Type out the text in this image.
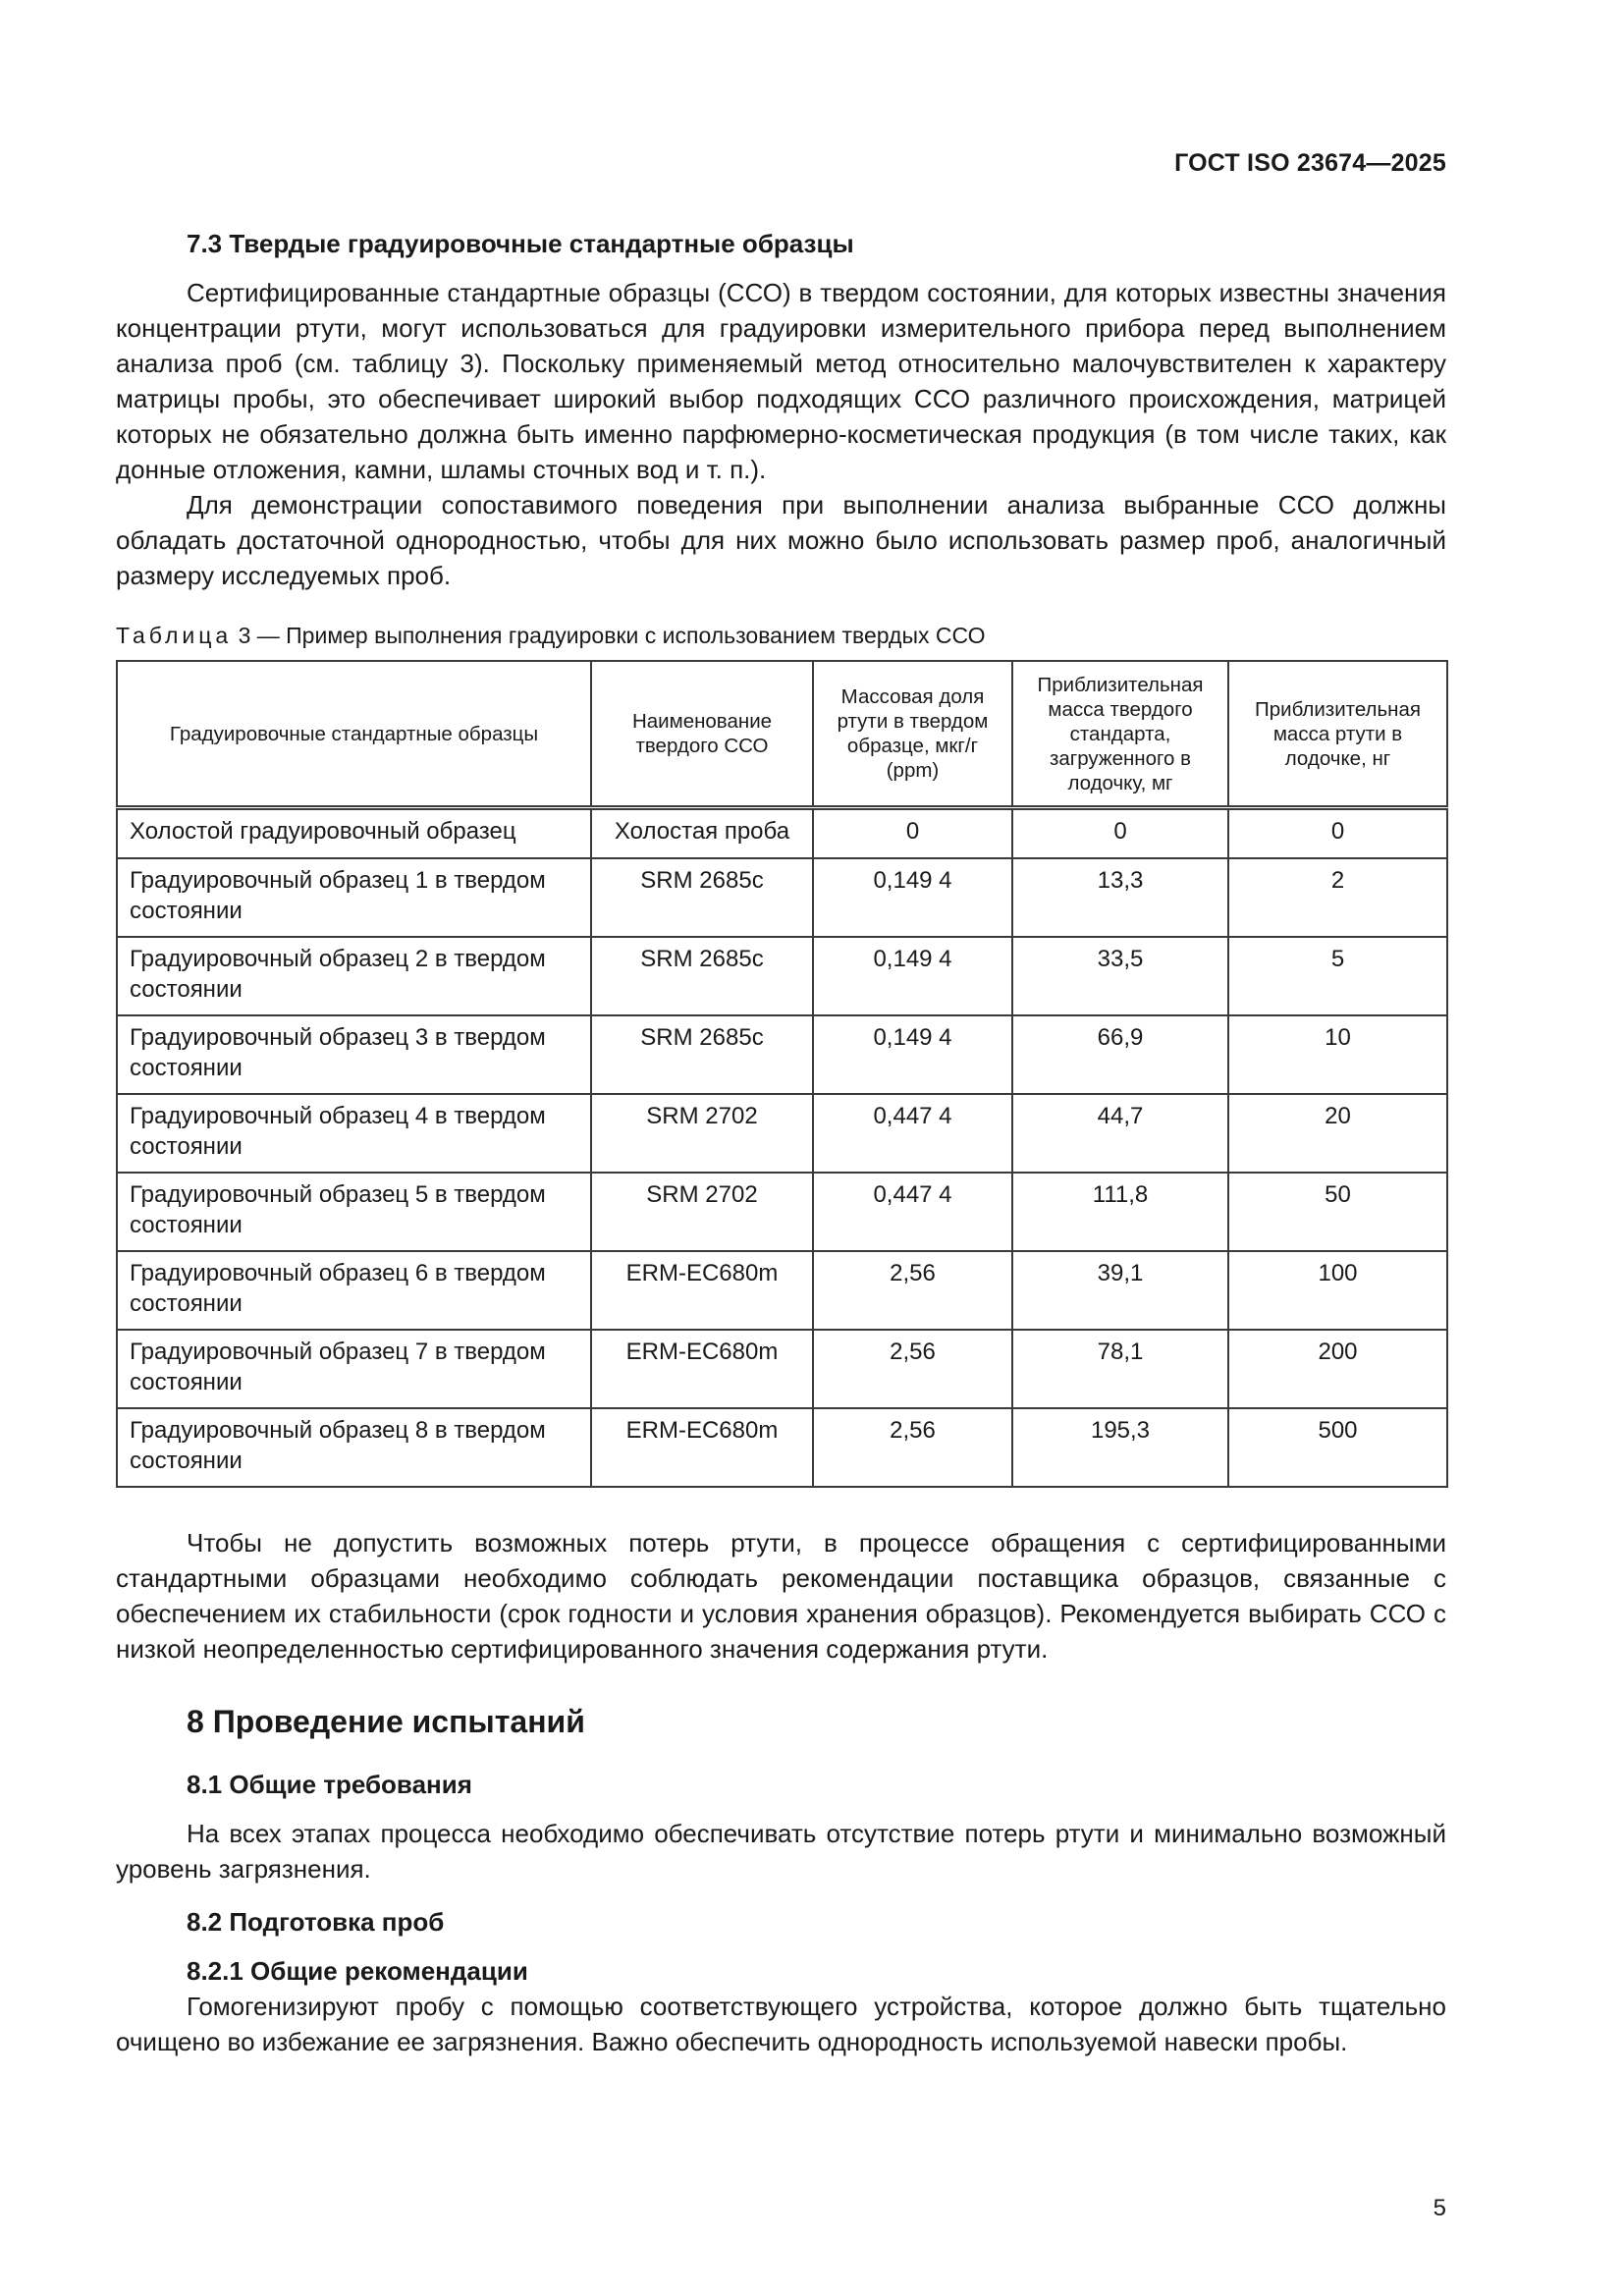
ГОСТ ISO 23674—2025
7.3 Твердые градуировочные стандартные образцы

Сертифицированные стандартные образцы (ССО) в твердом состоянии, для которых известны значения концентрации ртути, могут использоваться для градуировки измерительного прибора перед выполнением анализа проб (см. таблицу 3). Поскольку применяемый метод относительно малочувствителен к характеру матрицы пробы, это обеспечивает широкий выбор подходящих ССО различного происхождения, матрицей которых не обязательно должна быть именно парфюмерно-косметическая продукция (в том числе таких, как донные отложения, камни, шламы сточных вод и т. п.).

Для демонстрации сопоставимого поведения при выполнении анализа выбранные ССО должны обладать достаточной однородностью, чтобы для них можно было использовать размер проб, аналогичный размеру исследуемых проб.

Таблица 3 — Пример выполнения градуировки с использованием твердых ССО
Градуировочные стандартные образцы	Наименование твердого ССО	Массовая доля ртути в твердом образце, мкг/г (ppm)	Приблизительная масса твердого стандарта, загруженного в лодочку, мг	Приблизительная масса ртути в лодочке, нг
Холостой градуировочный образец	Холостая проба	0	0	0
Градуировочный образец 1 в твердом состоянии	SRM 2685c	0,149 4	13,3	2
Градуировочный образец 2 в твердом состоянии	SRM 2685c	0,149 4	33,5	5
Градуировочный образец 3 в твердом состоянии	SRM 2685c	0,149 4	66,9	10
Градуировочный образец 4 в твердом состоянии	SRM 2702	0,447 4	44,7	20
Градуировочный образец 5 в твердом состоянии	SRM 2702	0,447 4	111,8	50
Градуировочный образец 6 в твердом состоянии	ERM-EC680m	2,56	39,1	100
Градуировочный образец 7 в твердом состоянии	ERM-EC680m	2,56	78,1	200
Градуировочный образец 8 в твердом состоянии	ERM-EC680m	2,56	195,3	500

Чтобы не допустить возможных потерь ртути, в процессе обращения с сертифицированными стандартными образцами необходимо соблюдать рекомендации поставщика образцов, связанные с обеспечением их стабильности (срок годности и условия хранения образцов). Рекомендуется выбирать ССО с низкой неопределенностью сертифицированного значения содержания ртути.

8 Проведение испытаний
8.1 Общие требования

На всех этапах процесса необходимо обеспечивать отсутствие потерь ртути и минимально возможный уровень загрязнения.

8.2 Подготовка проб
8.2.1 Общие рекомендации

Гомогенизируют пробу с помощью соответствующего устройства, которое должно быть тщательно очищено во избежание ее загрязнения. Важно обеспечить однородность используемой навески пробы.

5
